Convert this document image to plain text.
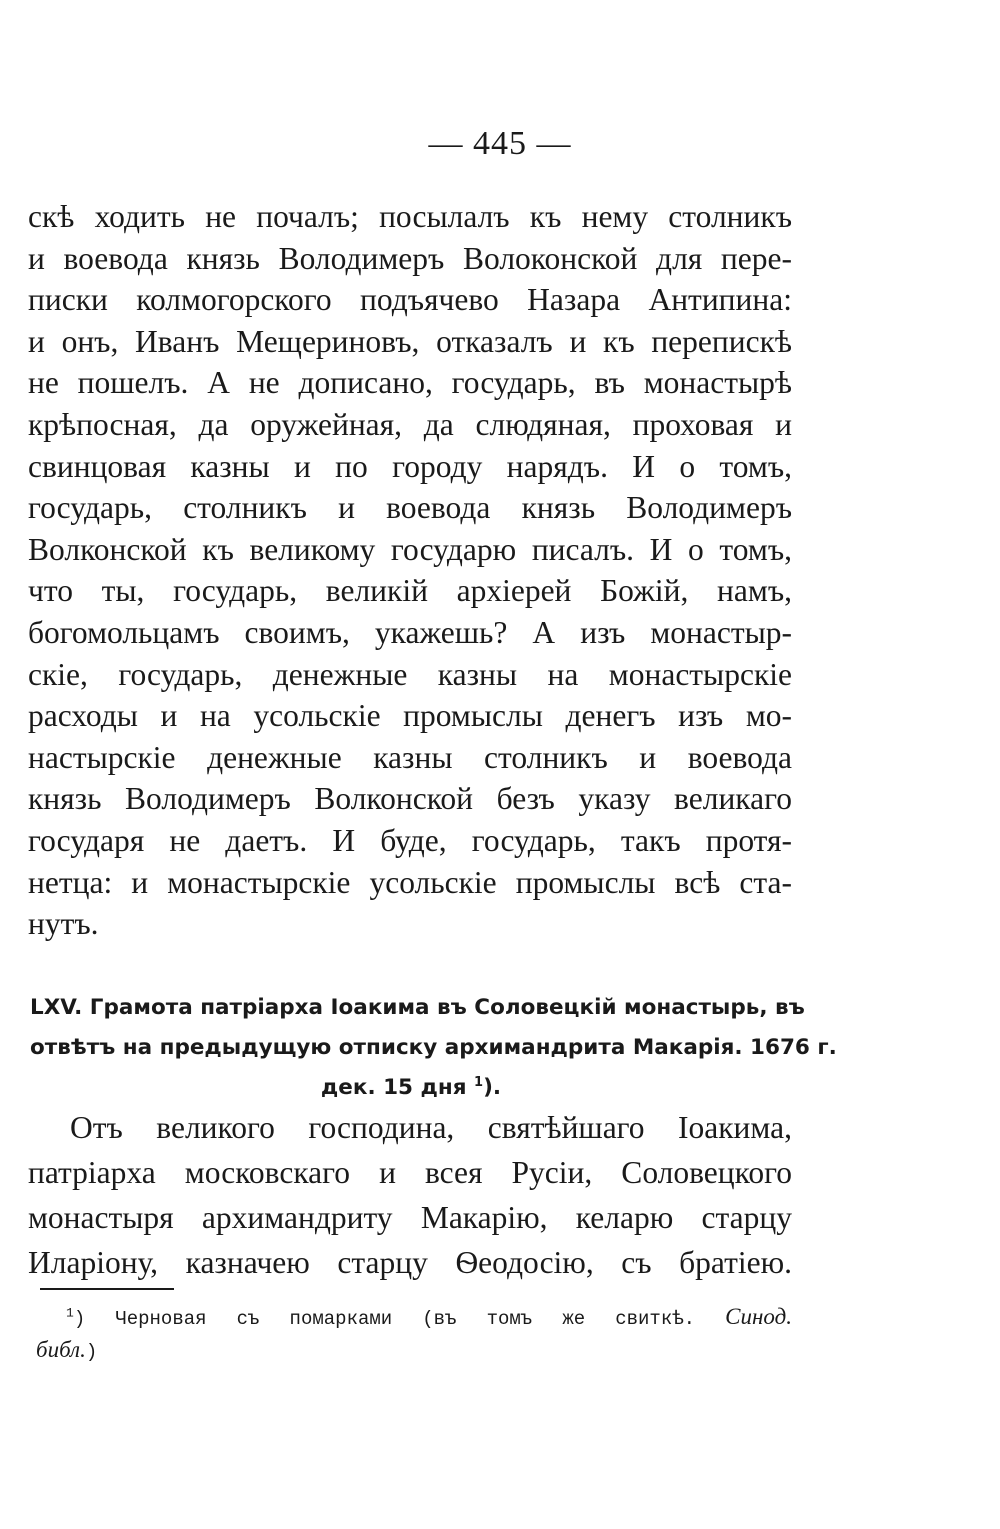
— 445 —
скѣ ходить не почалъ; посылалъ къ нему столникъ
и воевода князь Володимеръ Волоконской для пере-
писки колмогорского подъячево Назара Антипина:
и онъ, Иванъ Мещериновъ, отказалъ и къ перепискѣ
не пошелъ. А не дописано, государь, въ монастырѣ
крѣпосная, да оружейная, да слюдяная, проховая и
свинцовая казны и по городу нарядъ. И о томъ,
государь, столникъ и воевода князь Володимеръ
Волконской къ великому государю писалъ. И о томъ,
что ты, государь, великій архіерей Божій, намъ,
богомольцамъ своимъ, укажешь? А изъ монастыр-
скіе, государь, денежные казны на монастырскіе
расходы и на усольскіе промыслы денегъ изъ мо-
настырскіе денежные казны столникъ и воевода
князь Володимеръ Волконской безъ указу великаго
государя не даетъ. И буде, государь, такъ протя-
нетца: и монастырскіе усольскіе промыслы всѣ ста-
нутъ.
LXV. Грамота патріарха Іоакима въ Соловецкій монастырь, въ
отвѣтъ на предыдущую отписку архимандрита Макарія. 1676 г.
дек. 15 дня $^1$).
Отъ великого господина, святѣйшаго Іоакима,
патріарха московскаго и всея Русіи, Соловецкого
монастыря архимандриту Макарію, келарю старцу
Иларіону, казначею старцу Ѳеодосію, съ братіею.
$^1$) Черновая съ помарками (въ томъ же свиткѣ. Синод.
библ.)
